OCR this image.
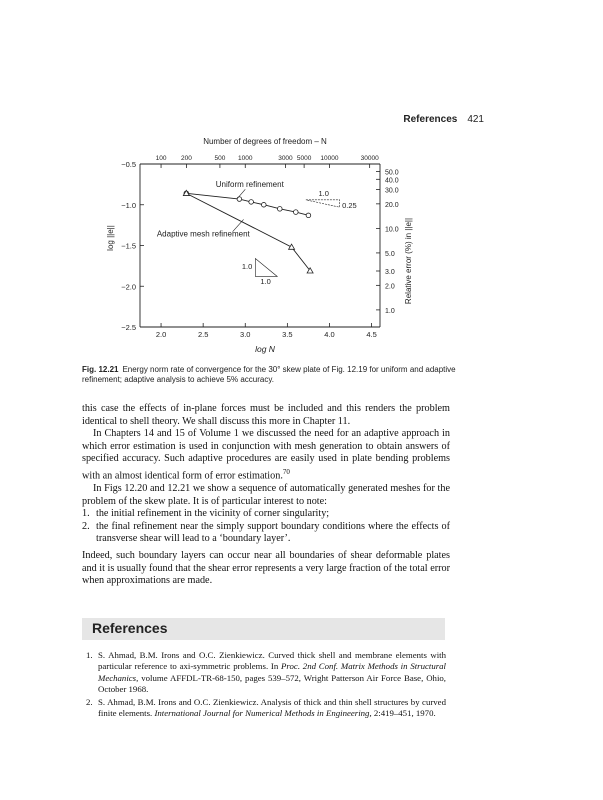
References 421
Number of degrees of freedom – N
log N
log ||e||	Relative error (%) in ||e||
2.0	2.5	3.0	3.5	4.0	4.5
−0.5
−1.0
−1.5
−2.0
−2.5
100 200	500 1000	3000 5000 10000	30000
50.0
40.0
30.0
20.0
10.0
5.0
3.0
2.0
1.0
Uniform refinement
Adaptive mesh refinement
1.0
0.25
1.0
1.0
Fig. 12.21 Energy norm rate of convergence for the 30° skew plate of Fig. 12.19 for uniform and adaptive refinement; adaptive analysis to achieve 5% accuracy.

this case the effects of in-plane forces must be included and this renders the problem identical to shell theory. We shall discuss this more in Chapter 11.

In Chapters 14 and 15 of Volume 1 we discussed the need for an adaptive approach in which error estimation is used in conjunction with mesh generation to obtain answers of specified accuracy. Such adaptive procedures are easily used in plate bending problems with an almost identical form of error estimation.$^{70}$

In Figs 12.20 and 12.21 we show a sequence of automatically generated meshes for the problem of the skew plate. It is of particular interest to note:

1. the initial refinement in the vicinity of corner singularity;
2. the final refinement near the simply support boundary conditions where the effects of transverse shear will lead to a ‘boundary layer’.

Indeed, such boundary layers can occur near all boundaries of shear deformable plates and it is usually found that the shear error represents a very large fraction of the total error when approximations are made.

References
1. S. Ahmad, B.M. Irons and O.C. Zienkiewicz. Curved thick shell and membrane elements with particular reference to axi-symmetric problems. In Proc. 2nd Conf. Matrix Methods in Structural Mechanics, volume AFFDL-TR-68-150, pages 539–572, Wright Patterson Air Force Base, Ohio, October 1968.
2. S. Ahmad, B.M. Irons and O.C. Zienkiewicz. Analysis of thick and thin shell structures by curved finite elements. International Journal for Numerical Methods in Engineering, 2:419–451, 1970.
